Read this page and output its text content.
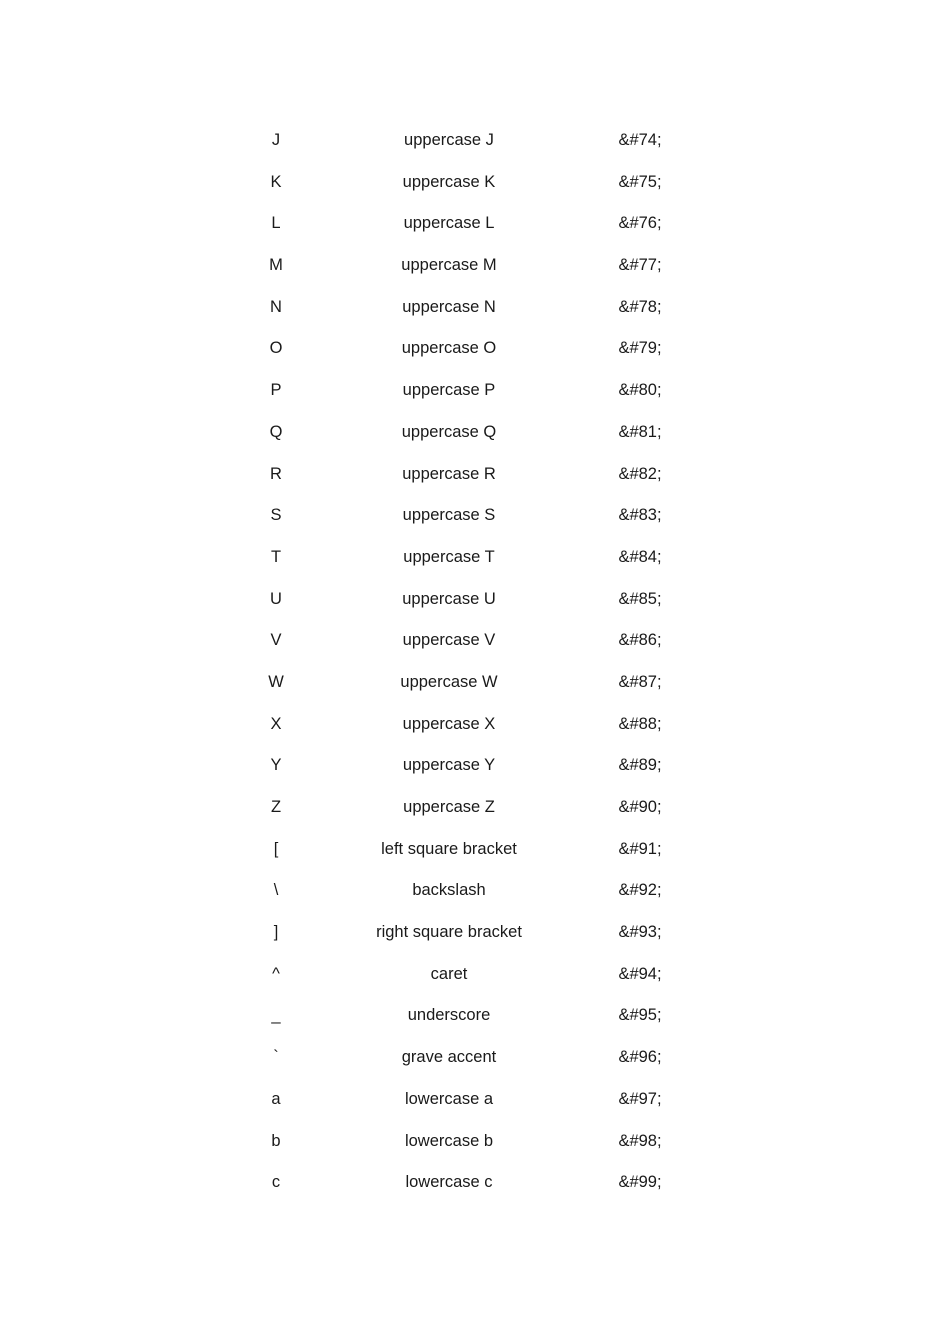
J	uppercase J	&#74;
K	uppercase K	&#75;
L	uppercase L	&#76;
M	uppercase M	&#77;
N	uppercase N	&#78;
O	uppercase O	&#79;
P	uppercase P	&#80;
Q	uppercase Q	&#81;
R	uppercase R	&#82;
S	uppercase S	&#83;
T	uppercase T	&#84;
U	uppercase U	&#85;
V	uppercase V	&#86;
W	uppercase W	&#87;
X	uppercase X	&#88;
Y	uppercase Y	&#89;
Z	uppercase Z	&#90;
[	left square bracket	&#91;
\	backslash	&#92;
]	right square bracket	&#93;
^	caret	&#94;
_	underscore	&#95;
`	grave accent	&#96;
a	lowercase a	&#97;
b	lowercase b	&#98;
c	lowercase c	&#99;
